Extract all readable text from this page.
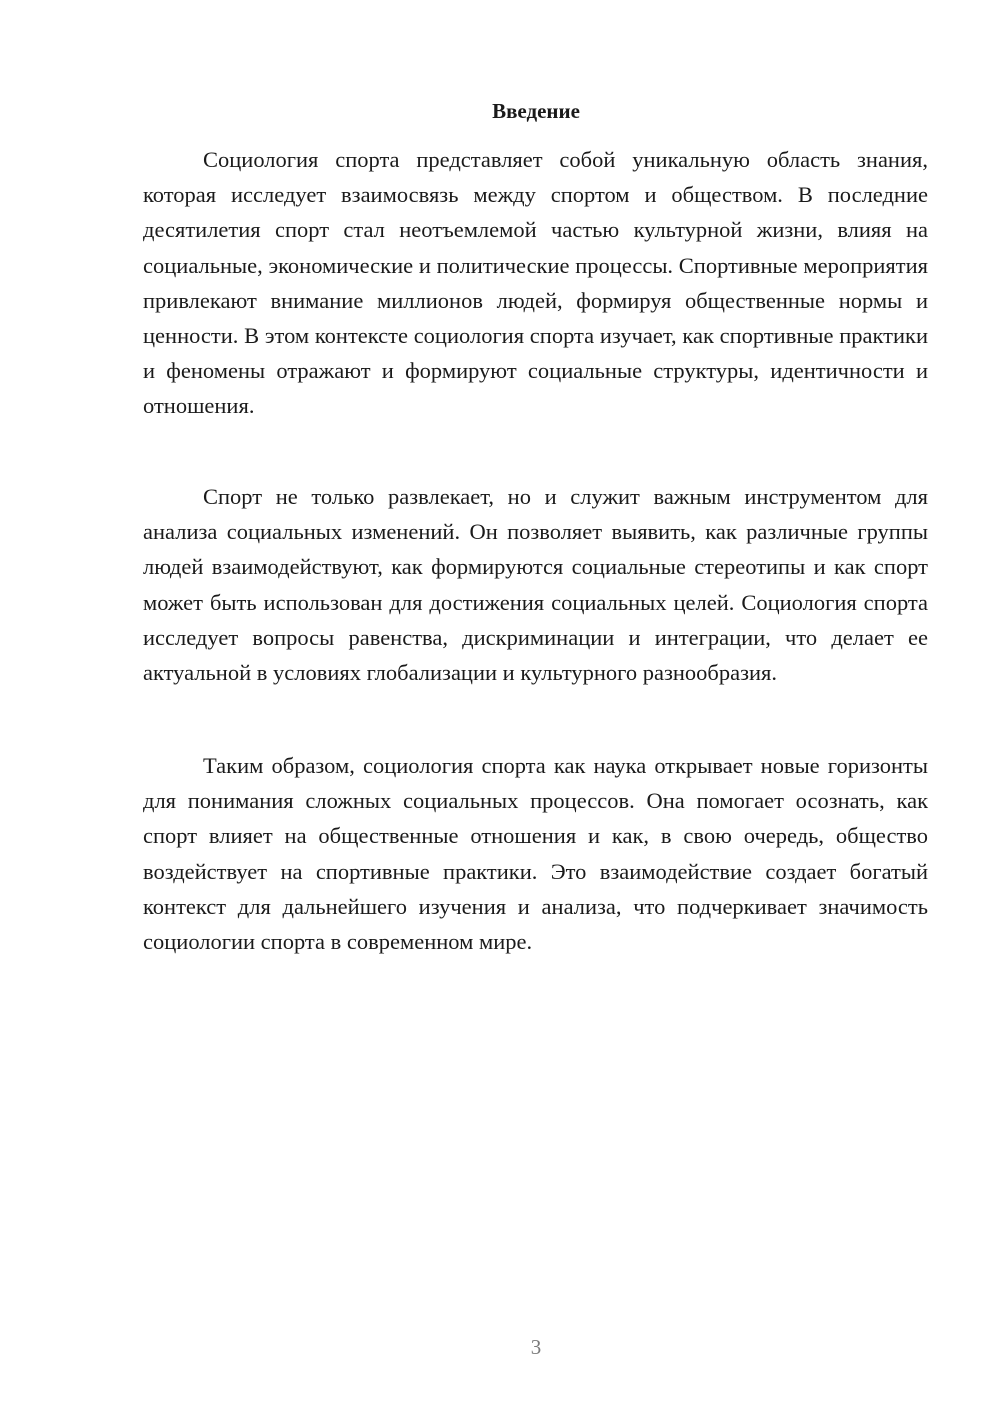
Введение

Социология спорта представляет собой уникальную область знания, которая исследует взаимосвязь между спортом и обществом. В последние десятилетия спорт стал неотъемлемой частью культурной жизни, влияя на социальные, экономические и политические процессы. Спортивные мероприятия привлекают внимание миллионов людей, формируя общественные нормы и ценности. В этом контексте социология спорта изучает, как спортивные практики и феномены отражают и формируют социальные структуры, идентичности и отношения.

Спорт не только развлекает, но и служит важным инструментом для анализа социальных изменений. Он позволяет выявить, как различные группы людей взаимодействуют, как формируются социальные стереотипы и как спорт может быть использован для достижения социальных целей. Социология спорта исследует вопросы равенства, дискриминации и интеграции, что делает ее актуальной в условиях глобализации и культурного разнообразия.

Таким образом, социология спорта как наука открывает новые горизонты для понимания сложных социальных процессов. Она помогает осознать, как спорт влияет на общественные отношения и как, в свою очередь, общество воздействует на спортивные практики. Это взаимодействие создает богатый контекст для дальнейшего изучения и анализа, что подчеркивает значимость социологии спорта в современном мире.

3
